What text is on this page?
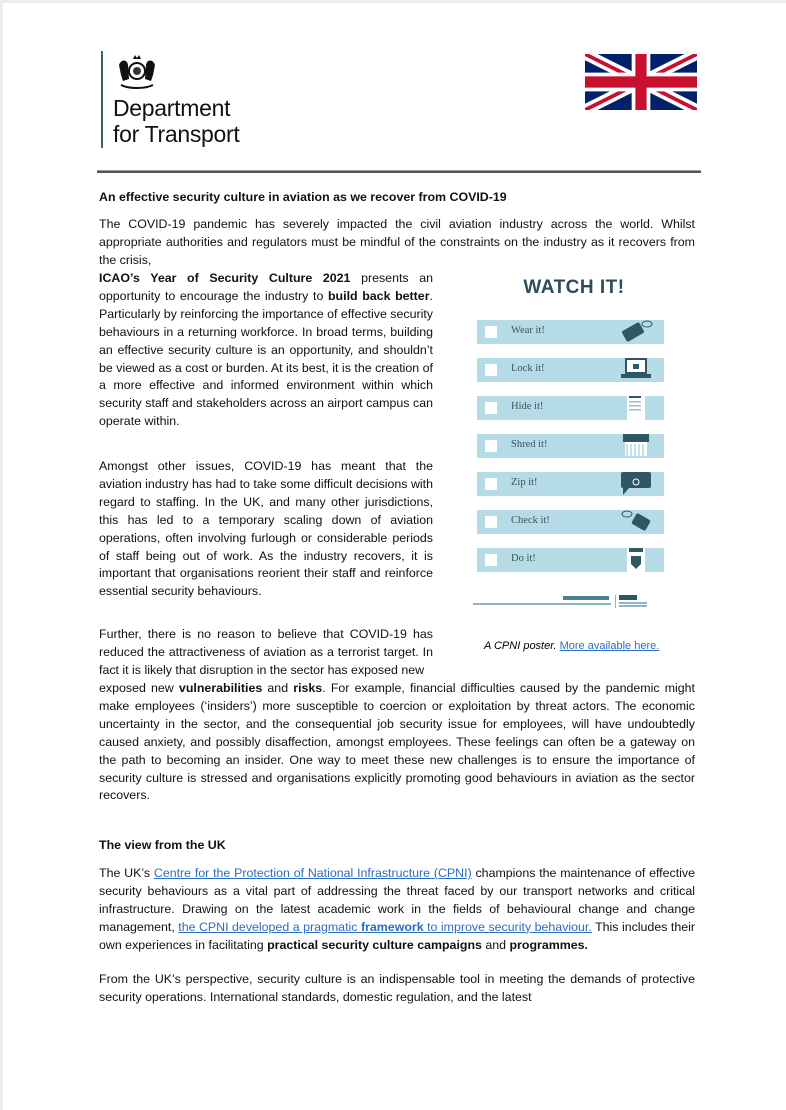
Department
for Transport
An effective security culture in aviation as we recover from COVID-19
The COVID-19 pandemic has severely impacted the civil aviation industry across the world. Whilst appropriate authorities and regulators must be mindful of the constraints on the industry as it recovers from the crisis,
ICAO’s Year of Security Culture 2021 presents an opportunity to encourage the industry to build back better. Particularly by reinforcing the importance of effective security behaviours in a returning workforce. In broad terms, building an effective security culture is an opportunity, and shouldn’t be viewed as a cost or burden. At its best, it is the creation of a more effective and informed environment within which security staff and stakeholders across an airport campus can operate within.
Amongst other issues, COVID-19 has meant that the aviation industry has had to take some difficult decisions with regard to staffing. In the UK, and many other jurisdictions, this has led to a temporary scaling down of aviation operations, often involving furlough or considerable periods of staff being out of work. As the industry recovers, it is important that organisations reorient their staff and reinforce essential security behaviours.
Further, there is no reason to believe that COVID-19 has reduced the attractiveness of aviation as a terrorist target. In fact it is likely that disruption in the sector has exposed new
exposed new vulnerabilities and risks. For example, financial difficulties caused by the pandemic might make employees (‘insiders’) more susceptible to coercion or exploitation by threat actors. The economic uncertainty in the sector, and the consequential job security issue for employees, will have undoubtedly caused anxiety, and possibly disaffection, amongst employees. These feelings can often be a gateway on the path to becoming an insider. One way to meet these new challenges is to ensure the importance of security culture is stressed and organisations explicitly promoting good behaviours in aviation as the sector recovers.
The view from the UK
The UK’s Centre for the Protection of National Infrastructure (CPNI) champions the maintenance of effective security behaviours as a vital part of addressing the threat faced by our transport networks and critical infrastructure. Drawing on the latest academic work in the fields of behavioural change and change management, the CPNI developed a pragmatic framework to improve security behaviour. This includes their own experiences in facilitating practical security culture campaigns and programmes.
From the UK’s perspective, security culture is an indispensable tool in meeting the demands of protective security operations. International standards, domestic regulation, and the latest
WATCH IT!
Wear it!
Lock it!
Hide it!
Shred it!
Zip it!
Check it!
Do it!
A CPNI poster. More available here.
